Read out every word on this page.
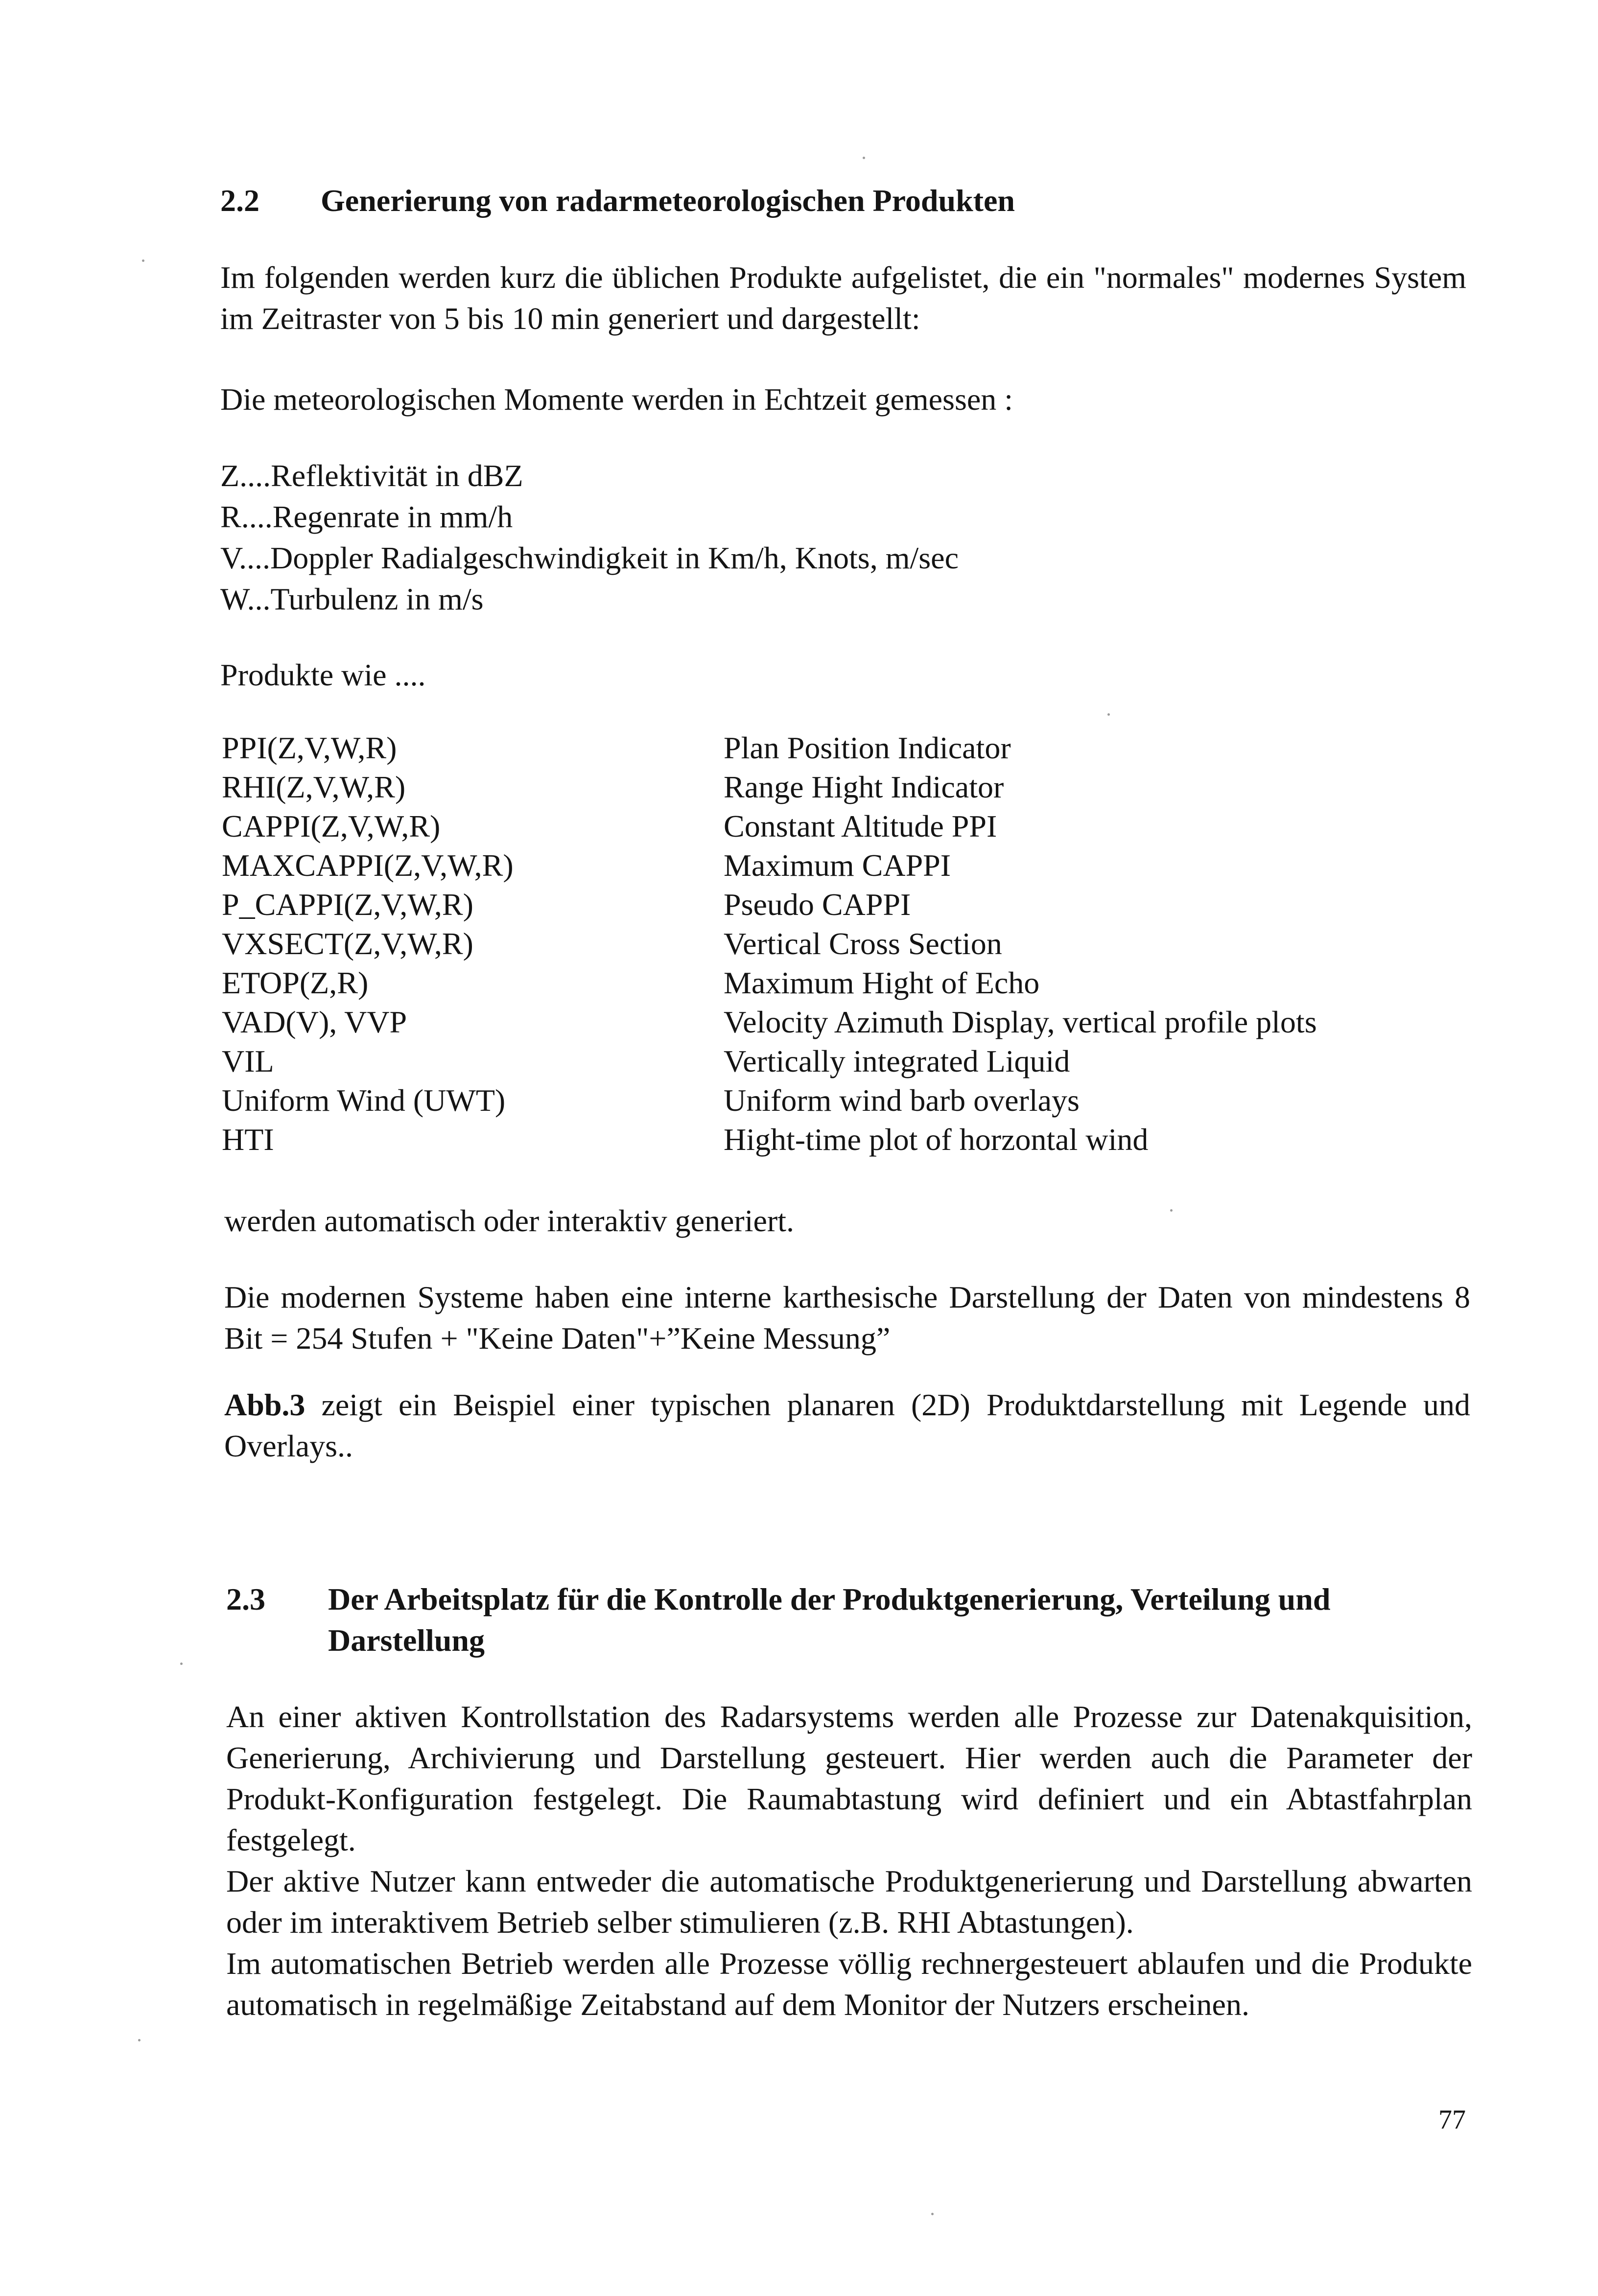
2.2 Generierung von radarmeteorologischen Produkten
Im folgenden werden kurz die üblichen Produkte aufgelistet, die ein "normales" modernes System im Zeitraster von 5 bis 10 min generiert und dargestellt:
Die meteorologischen Momente werden in Echtzeit gemessen :
Z....Reflektivität in dBZ
R....Regenrate in mm/h
V....Doppler Radialgeschwindigkeit in Km/h, Knots, m/sec
W...Turbulenz in m/s
Produkte wie ....
PPI(Z,V,W,R)
RHI(Z,V,W,R)
CAPPI(Z,V,W,R)
MAXCAPPI(Z,V,W,R)
P_CAPPI(Z,V,W,R)
VXSECT(Z,V,W,R)
ETOP(Z,R)
VAD(V), VVP
VIL
Uniform Wind (UWT)
HTI
Plan Position Indicator
Range Hight Indicator
Constant Altitude PPI
Maximum CAPPI
Pseudo CAPPI
Vertical Cross Section
Maximum Hight of Echo
Velocity Azimuth Display, vertical profile plots
Vertically integrated Liquid
Uniform wind barb overlays
Hight-time plot of horzontal wind
werden automatisch oder interaktiv generiert.
Die modernen Systeme haben eine interne karthesische Darstellung der Daten von mindestens 8 Bit = 254 Stufen + "Keine Daten"+”Keine Messung”
Abb.3 zeigt ein Beispiel einer typischen planaren (2D) Produktdarstellung mit Legende und Overlays..
2.3 Der Arbeitsplatz für die Kontrolle der Produktgenerierung, Verteilung und
Darstellung
An einer aktiven Kontrollstation des Radarsystems werden alle Prozesse zur Datenakquisition, Generierung, Archivierung und Darstellung gesteuert. Hier werden auch die Parameter der Produkt-Konfiguration festgelegt. Die Raumabtastung wird definiert und ein Abtastfahrplan festgelegt.
Der aktive Nutzer kann entweder die automatische Produktgenerierung und Darstellung abwarten oder im interaktivem Betrieb selber stimulieren (z.B. RHI Abtastungen).
Im automatischen Betrieb werden alle Prozesse völlig rechnergesteuert ablaufen und die Produkte automatisch in regelmäßige Zeitabstand auf dem Monitor der Nutzers erscheinen.
77
